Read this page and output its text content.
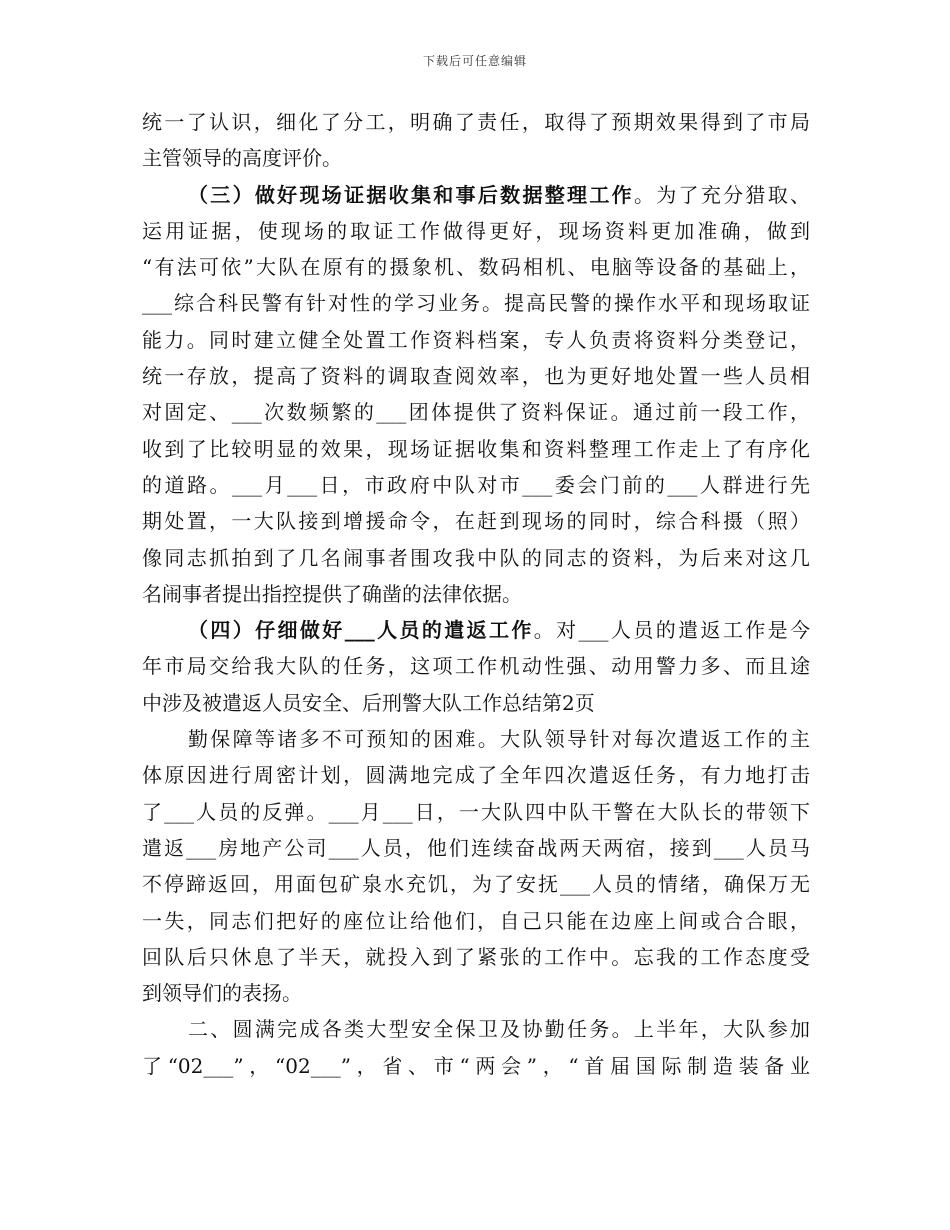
下载后可任意编辑
统一了认识，细化了分工，明确了责任，取得了预期效果得到了市局
主管领导的高度评价。
（三）做好现场证据收集和事后数据整理工作。为了充分猎取、
运用证据，使现场的取证工作做得更好，现场资料更加准确，做到
“有法可依”大队在原有的摄象机、数码相机、电脑等设备的基础上，
___综合科民警有针对性的学习业务。提高民警的操作水平和现场取证
能力。同时建立健全处置工作资料档案，专人负责将资料分类登记，
统一存放，提高了资料的调取查阅效率，也为更好地处置一些人员相
对固定、___次数频繁的___团体提供了资料保证。通过前一段工作，
收到了比较明显的效果，现场证据收集和资料整理工作走上了有序化
的道路。___月___日，市政府中队对市___委会门前的___人群进行先
期处置，一大队接到增援命令，在赶到现场的同时，综合科摄（照）
像同志抓拍到了几名闹事者围攻我中队的同志的资料，为后来对这几
名闹事者提出指控提供了确凿的法律依据。
（四）仔细做好___人员的遣返工作。对___人员的遣返工作是今
年市局交给我大队的任务，这项工作机动性强、动用警力多、而且途
中涉及被遣返人员安全、后刑警大队工作总结第2页
勤保障等诸多不可预知的困难。大队领导针对每次遣返工作的主
体原因进行周密计划，圆满地完成了全年四次遣返任务，有力地打击
了___人员的反弹。___月___日，一大队四中队干警在大队长的带领下
遣返___房地产公司___人员，他们连续奋战两天两宿，接到___人员马
不停蹄返回，用面包矿泉水充饥，为了安抚___人员的情绪，确保万无
一失，同志们把好的座位让给他们，自己只能在边座上间或合合眼，
回队后只休息了半天，就投入到了紧张的工作中。忘我的工作态度受
到领导们的表扬。
二、圆满完成各类大型安全保卫及协勤任务。上半年，大队参加
了“02___”，“02___”，省、市“两会”，“首届国际制造装备业
